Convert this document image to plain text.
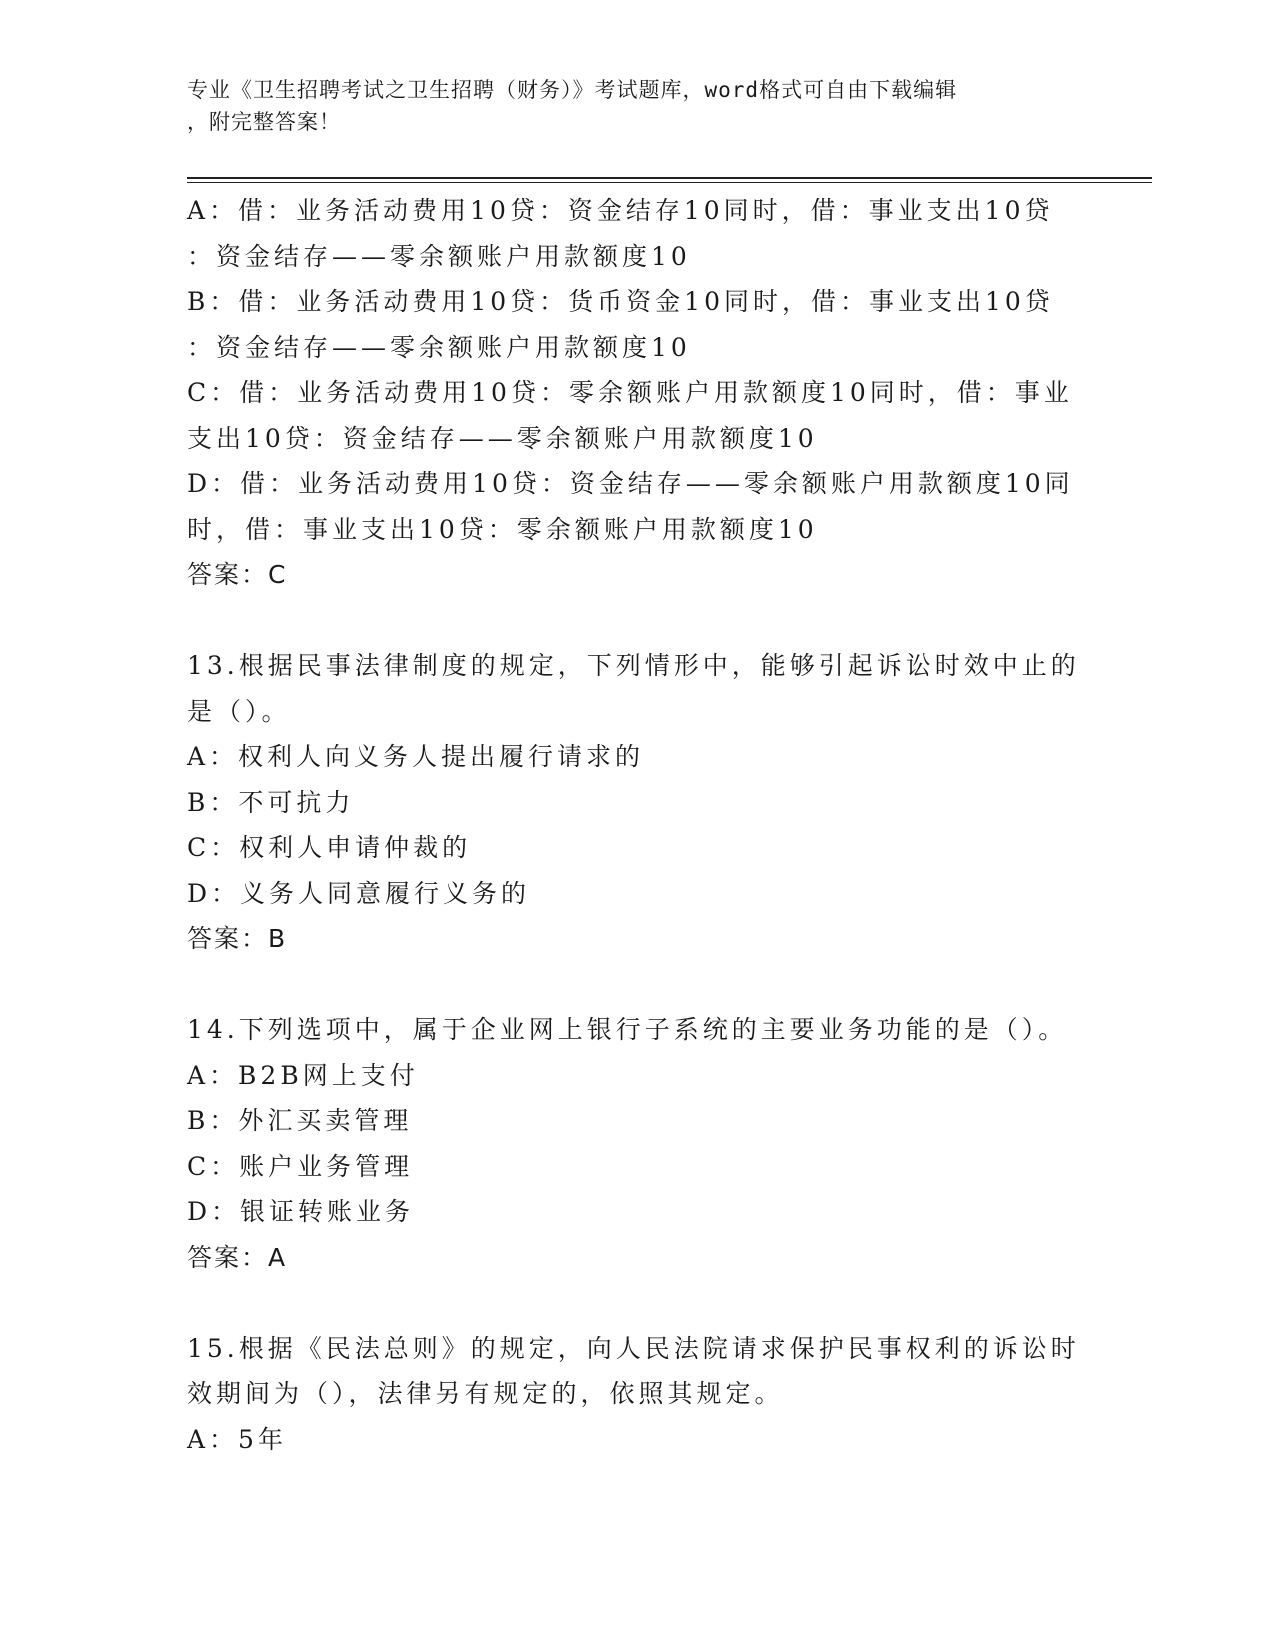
专业《卫生招聘考试之卫生招聘（财务）》考试题库，word格式可自由下载编辑
，附完整答案！
A：借：业务活动费用10贷：资金结存10同时，借：事业支出10贷
：资金结存——零余额账户用款额度10
B：借：业务活动费用10贷：货币资金10同时，借：事业支出10贷
：资金结存——零余额账户用款额度10
C：借：业务活动费用10贷：零余额账户用款额度10同时，借：事业
支出10贷：资金结存——零余额账户用款额度10
D：借：业务活动费用10贷：资金结存——零余额账户用款额度10同
时，借：事业支出10贷：零余额账户用款额度10
答案：C
13.根据民事法律制度的规定，下列情形中，能够引起诉讼时效中止的
是（）。
A：权利人向义务人提出履行请求的
B：不可抗力
C：权利人申请仲裁的
D：义务人同意履行义务的
答案：B
14.下列选项中，属于企业网上银行子系统的主要业务功能的是（）。
A：B2B网上支付
B：外汇买卖管理
C：账户业务管理
D：银证转账业务
答案：A
15.根据《民法总则》的规定，向人民法院请求保护民事权利的诉讼时
效期间为（），法律另有规定的，依照其规定。
A：5年
